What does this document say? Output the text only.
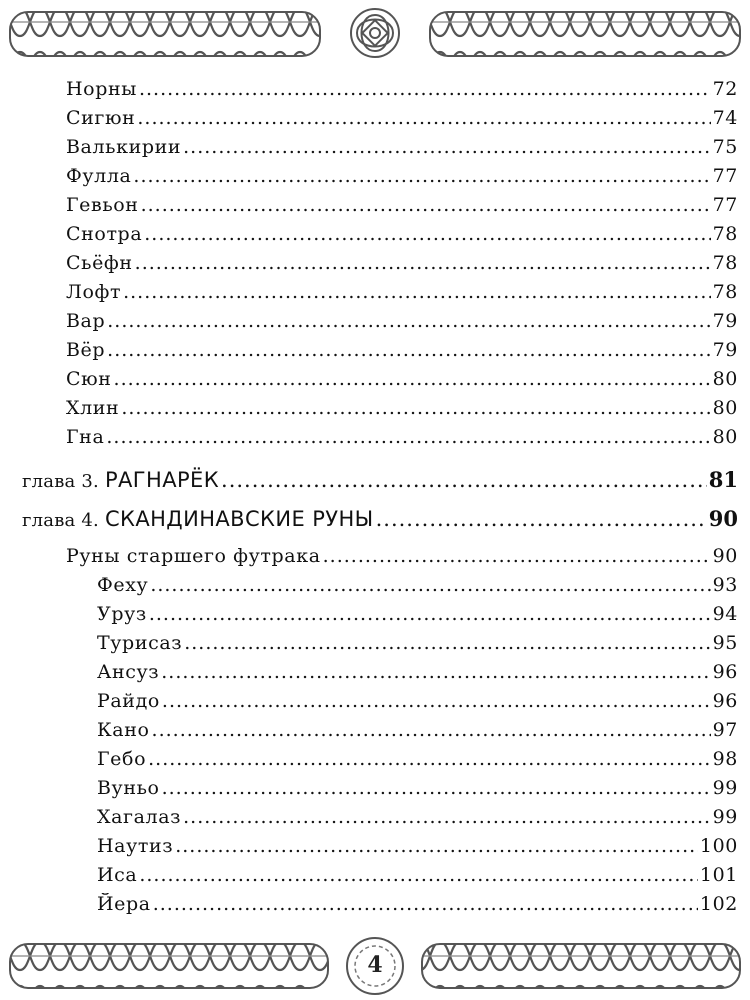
Норны .....	72
Сигюн .....	74
Валькирии .....	75
Фулла .....	77
Гевьон .....	77
Снотра .....	78
Сьёфн .....	78
Лофт .....	78
Вар .....	79
Вёр .....	79
Сюн .....	80
Хлин .....	80
Гна .....	80
глава 3. РАГНАРЁК .....	81
глава 4. СКАНДИНАВСКИЕ РУНЫ .....	90
Руны старшего футрака .....	90
Феху .....	93
Уруз .....	94
Турисаз .....	95
Ансуз .....	96
Райдо .....	96
Кано .....	97
Гебо .....	98
Вуньо .....	99
Хагалаз .....	99
Наутиз .....	100
Иса .....	101
Йера .....	102
4
